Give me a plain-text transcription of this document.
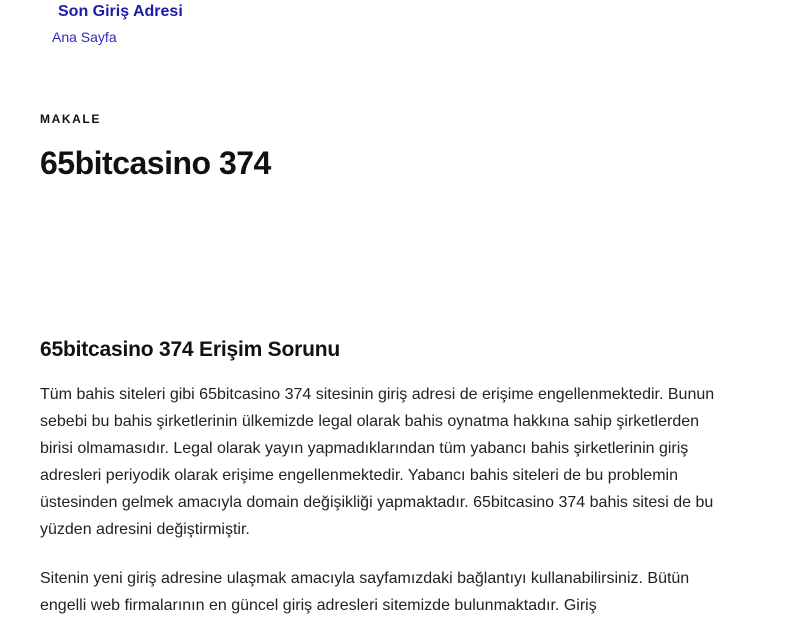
Son Giriş Adresi
Ana Sayfa
MAKALE
65bitcasino 374
65bitcasino 374 Erişim Sorunu

Tüm bahis siteleri gibi 65bitcasino 374 sitesinin giriş adresi de erişime engellenmektedir. Bunun sebebi bu bahis şirketlerinin ülkemizde legal olarak bahis oynatma hakkına sahip şirketlerden birisi olmamasıdır. Legal olarak yayın yapmadıklarından tüm yabancı bahis şirketlerinin giriş adresleri periyodik olarak erişime engellenmektedir. Yabancı bahis siteleri de bu problemin üstesinden gelmek amacıyla domain değişikliği yapmaktadır. 65bitcasino 374 bahis sitesi de bu yüzden adresini değiştirmiştir.

Sitenin yeni giriş adresine ulaşmak amacıyla sayfamızdaki bağlantıyı kullanabilirsiniz. Bütün engelli web firmalarının en güncel giriş adresleri sitemizde bulunmaktadır. Giriş
